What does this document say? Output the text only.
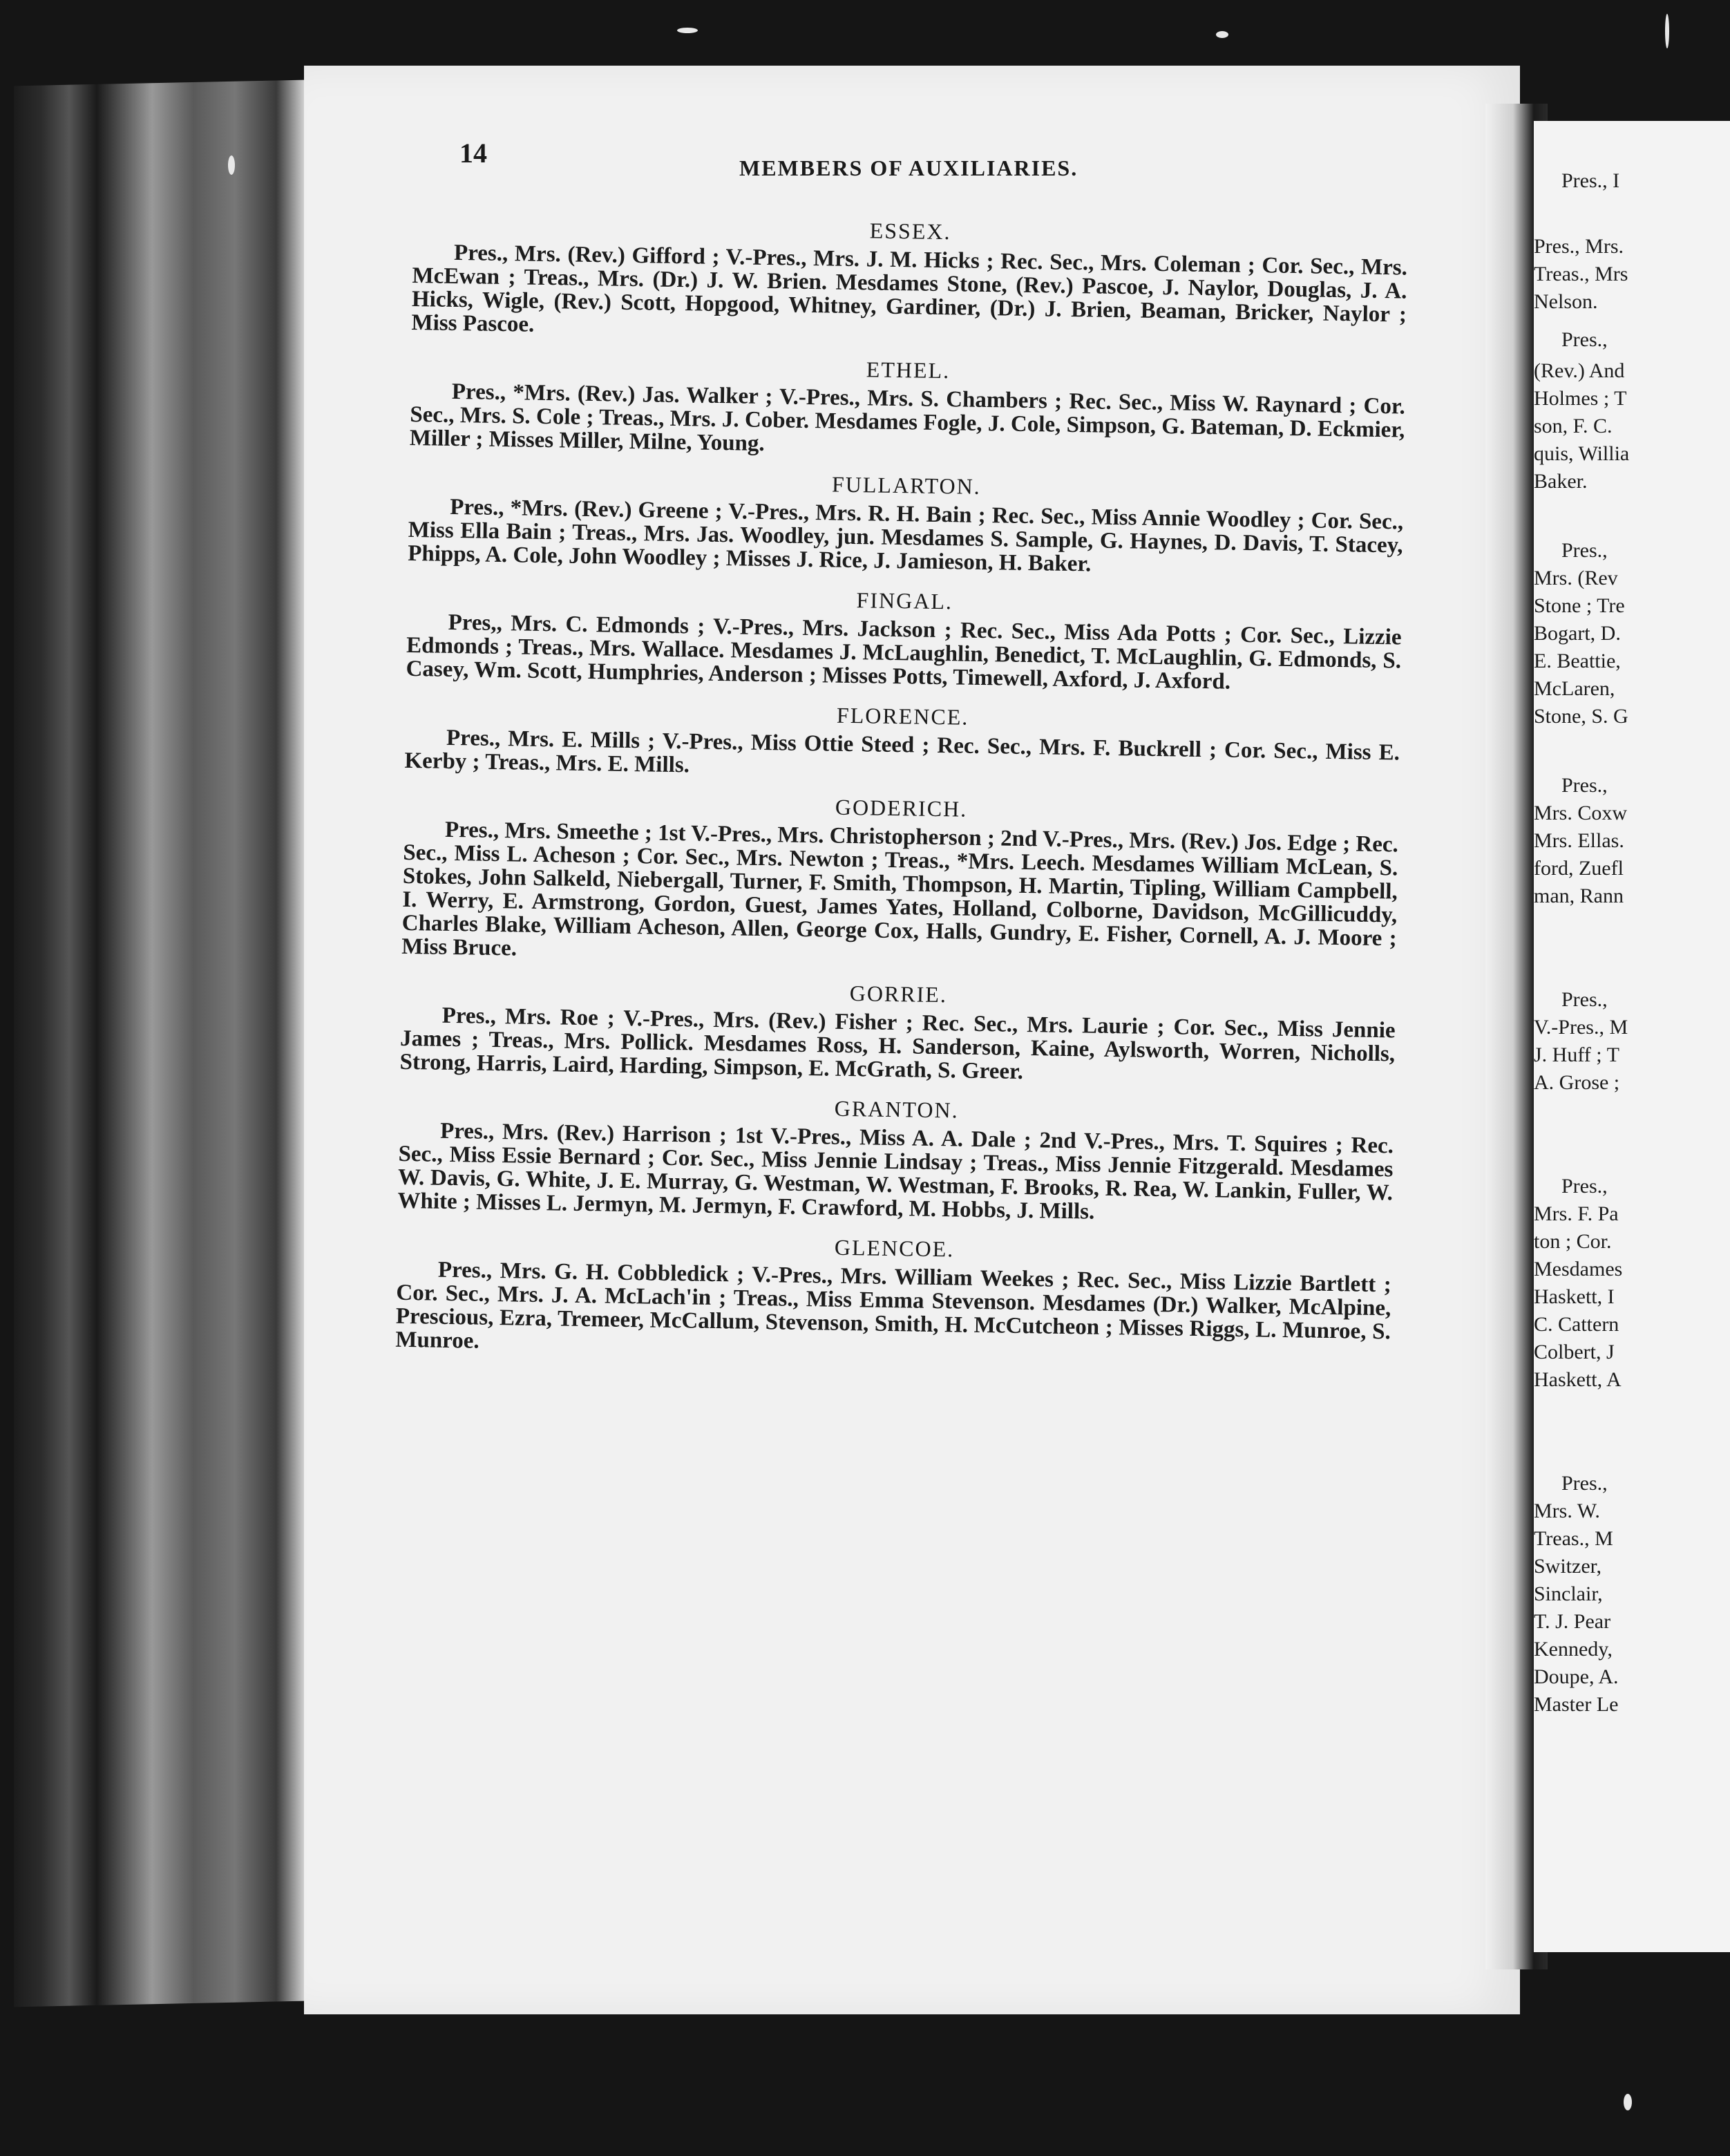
Pres., I
Pres., Mrs.
Treas., Mrs
Nelson.
Pres.,
(Rev.) And
Holmes ; T
son, F. C.
quis, Willia
Baker.
Pres.,
Mrs. (Rev
Stone ; Tre
Bogart, D.
E. Beattie,
McLaren,
Stone, S. G
Pres.,
Mrs. Coxw
Mrs. Ellas.
ford, Zuefl
man, Rann
Pres.,
V.-Pres., M
J. Huff ; T
A. Grose ;
Pres.,
Mrs. F. Pa
ton ; Cor.
Mesdames
Haskett, I
C. Cattern
Colbert, J
Haskett, A
Pres.,
Mrs. W.
Treas., M
Switzer,
Sinclair,
T. J. Pear
Kennedy,
Doupe, A.
Master Le
14	MEMBERS OF AUXILIARIES.
ESSEX.

Pres., Mrs. (Rev.) Gifford ; V.-Pres., Mrs. J. M. Hicks ; Rec. Sec., Mrs. Coleman ; Cor. Sec., Mrs. McEwan ; Treas., Mrs. (Dr.) J. W. Brien. Mesdames Stone, (Rev.) Pascoe, J. Naylor, Douglas, J. A. Hicks, Wigle, (Rev.) Scott, Hopgood, Whitney, Gardiner, (Dr.) J. Brien, Beaman, Bricker, Naylor ; Miss Pascoe.

ETHEL.

Pres., *Mrs. (Rev.) Jas. Walker ; V.-Pres., Mrs. S. Chambers ; Rec. Sec., Miss W. Raynard ; Cor. Sec., Mrs. S. Cole ; Treas., Mrs. J. Cober. Mesdames Fogle, J. Cole, Simpson, G. Bateman, D. Eckmier, Miller ; Misses Miller, Milne, Young.

FULLARTON.

Pres., *Mrs. (Rev.) Greene ; V.-Pres., Mrs. R. H. Bain ; Rec. Sec., Miss Annie Woodley ; Cor. Sec., Miss Ella Bain ; Treas., Mrs. Jas. Woodley, jun. Mesdames S. Sample, G. Haynes, D. Davis, T. Stacey, Phipps, A. Cole, John Woodley ; Misses J. Rice, J. Jamieson, H. Baker.

FINGAL.

Pres,, Mrs. C. Edmonds ; V.-Pres., Mrs. Jackson ; Rec. Sec., Miss Ada Potts ; Cor. Sec., Lizzie Edmonds ; Treas., Mrs. Wallace. Mesdames J. McLaughlin, Benedict, T. McLaughlin, G. Edmonds, S. Casey, Wm. Scott, Humphries, Anderson ; Misses Potts, Timewell, Axford, J. Axford.

FLORENCE.

Pres., Mrs. E. Mills ; V.-Pres., Miss Ottie Steed ; Rec. Sec., Mrs. F. Buckrell ; Cor. Sec., Miss E. Kerby ; Treas., Mrs. E. Mills.

GODERICH.

Pres., Mrs. Smeethe ; 1st V.-Pres., Mrs. Christopherson ; 2nd V.-Pres., Mrs. (Rev.) Jos. Edge ; Rec. Sec., Miss L. Acheson ; Cor. Sec., Mrs. Newton ; Treas., *Mrs. Leech. Mesdames William McLean, S. Stokes, John Salkeld, Niebergall, Turner, F. Smith, Thompson, H. Martin, Tipling, William Campbell, I. Werry, E. Armstrong, Gordon, Guest, James Yates, Holland, Colborne, Davidson, McGillicuddy, Charles Blake, William Acheson, Allen, George Cox, Halls, Gundry, E. Fisher, Cornell, A. J. Moore ; Miss Bruce.

GORRIE.

Pres., Mrs. Roe ; V.-Pres., Mrs. (Rev.) Fisher ; Rec. Sec., Mrs. Laurie ; Cor. Sec., Miss Jennie James ; Treas., Mrs. Pollick. Mesdames Ross, H. Sanderson, Kaine, Aylsworth, Worren, Nicholls, Strong, Harris, Laird, Harding, Simpson, E. McGrath, S. Greer.

GRANTON.

Pres., Mrs. (Rev.) Harrison ; 1st V.-Pres., Miss A. A. Dale ; 2nd V.-Pres., Mrs. T. Squires ; Rec. Sec., Miss Essie Bernard ; Cor. Sec., Miss Jennie Lindsay ; Treas., Miss Jennie Fitzgerald. Mesdames W. Davis, G. White, J. E. Murray, G. Westman, W. Westman, F. Brooks, R. Rea, W. Lankin, Fuller, W. White ; Misses L. Jermyn, M. Jermyn, F. Crawford, M. Hobbs, J. Mills.

GLENCOE.

Pres., Mrs. G. H. Cobbledick ; V.-Pres., Mrs. William Weekes ; Rec. Sec., Miss Lizzie Bartlett ; Cor. Sec., Mrs. J. A. McLach'in ; Treas., Miss Emma Stevenson. Mesdames (Dr.) Walker, McAlpine, Prescious, Ezra, Tremeer, McCallum, Stevenson, Smith, H. McCutcheon ; Misses Riggs, L. Munroe, S. Munroe.
